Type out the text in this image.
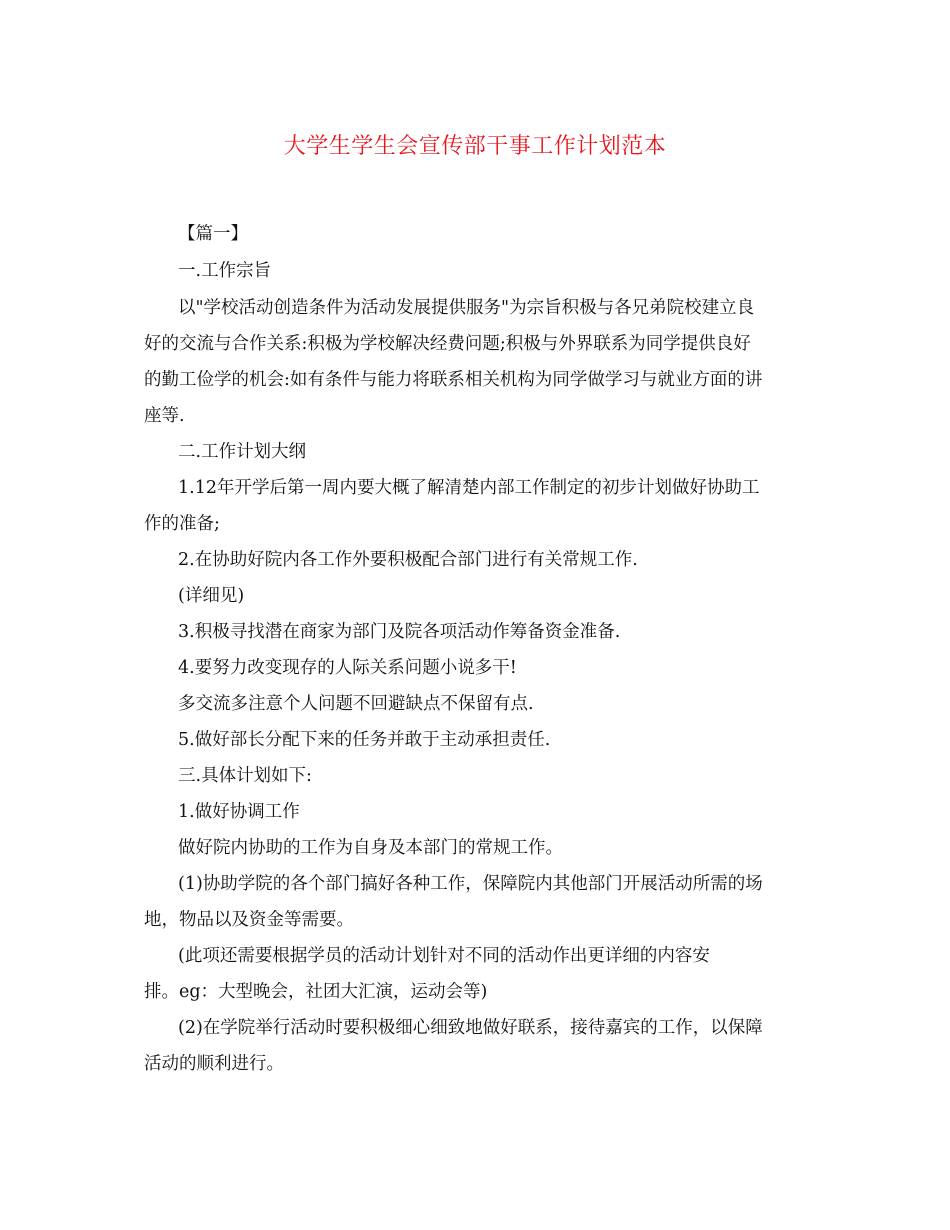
大学生学生会宣传部干事工作计划范本
【篇一】
一.工作宗旨
以"学校活动创造条件为活动发展提供服务"为宗旨积极与各兄弟院校建立良
好的交流与合作关系:积极为学校解决经费问题;积极与外界联系为同学提供良好
的勤工俭学的机会:如有条件与能力将联系相关机构为同学做学习与就业方面的讲
座等.
二.工作计划大纲
1.12年开学后第一周内要大概了解清楚内部工作制定的初步计划做好协助工
作的准备;
2.在协助好院内各工作外要积极配合部门进行有关常规工作.
(详细见)
3.积极寻找潜在商家为部门及院各项活动作筹备资金准备.
4.要努力改变现存的人际关系问题小说多干!
多交流多注意个人问题不回避缺点不保留有点.
5.做好部长分配下来的任务并敢于主动承担责任.
三.具体计划如下:
1.做好协调工作
做好院内协助的工作为自身及本部门的常规工作。
(1)协助学院的各个部门搞好各种工作，保障院内其他部门开展活动所需的场
地，物品以及资金等需要。
(此项还需要根据学员的活动计划针对不同的活动作出更详细的内容安
排。eg：大型晚会，社团大汇演，运动会等)
(2)在学院举行活动时要积极细心细致地做好联系，接待嘉宾的工作，以保障
活动的顺利进行。
